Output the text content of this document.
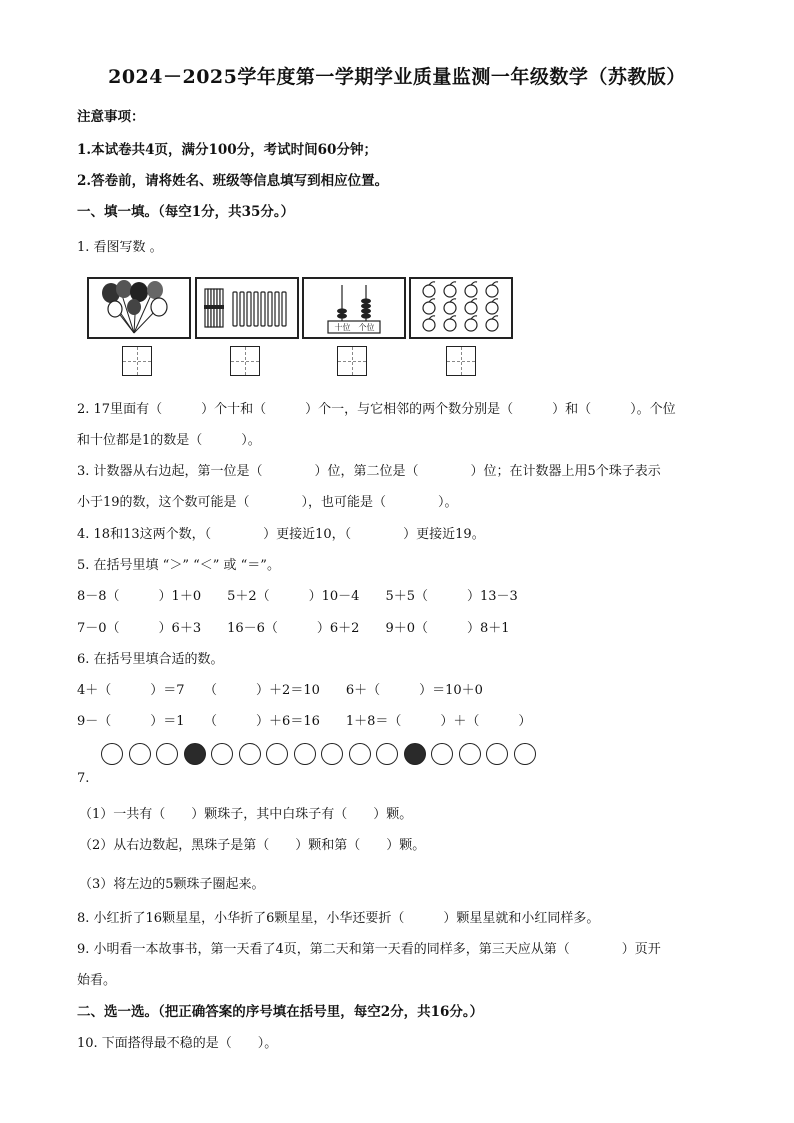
2024－2025学年度第一学期学业质量监测一年级数学（苏教版）
注意事项：
1.本试卷共4页，满分100分，考试时间60分钟；
2.答卷前，请将姓名、班级等信息填写到相应位置。
一、填一填。（每空1分，共35分。）
1. 看图写数 。
十位	个位
2. 17里面有（　　　）个十和（　　　）个一，与它相邻的两个数分别是（　　　）和（　　　）。个位
和十位都是1的数是（　　　）。
3. 计数器从右边起，第一位是（　　　　）位，第二位是（　　　　）位；在计数器上用5个珠子表示
小于19的数，这个数可能是（　　　　），也可能是（　　　　）。
4. 18和13这两个数，（　　　　）更接近10，（　　　　）更接近19。
5. 在括号里填 “＞” “＜” 或 “＝”。
8－8（　　　）1＋0　　5＋2（　　　）10－4　　5＋5（　　　）13－3
7－0（　　　）6＋3　　16－6（　　　）6＋2　　9＋0（　　　）8＋1
6. 在括号里填合适的数。
4＋（　　　）＝7　　（　　　）＋2＝10　　6＋（　　　）＝10＋0
9－（　　　）＝1　　（　　　）＋6＝16　　1＋8＝（　　　）＋（　　　）
7.
（1）一共有（　　）颗珠子，其中白珠子有（　　）颗。
（2）从右边数起，黑珠子是第（　　）颗和第（　　）颗。
（3）将左边的5颗珠子圈起来。
8. 小红折了16颗星星，小华折了6颗星星，小华还要折（　　　）颗星星就和小红同样多。
9. 小明看一本故事书，第一天看了4页，第二天和第一天看的同样多，第三天应从第（　　　　）页开
始看。
二、选一选。（把正确答案的序号填在括号里，每空2分，共16分。）
10. 下面搭得最不稳的是（　　）。
